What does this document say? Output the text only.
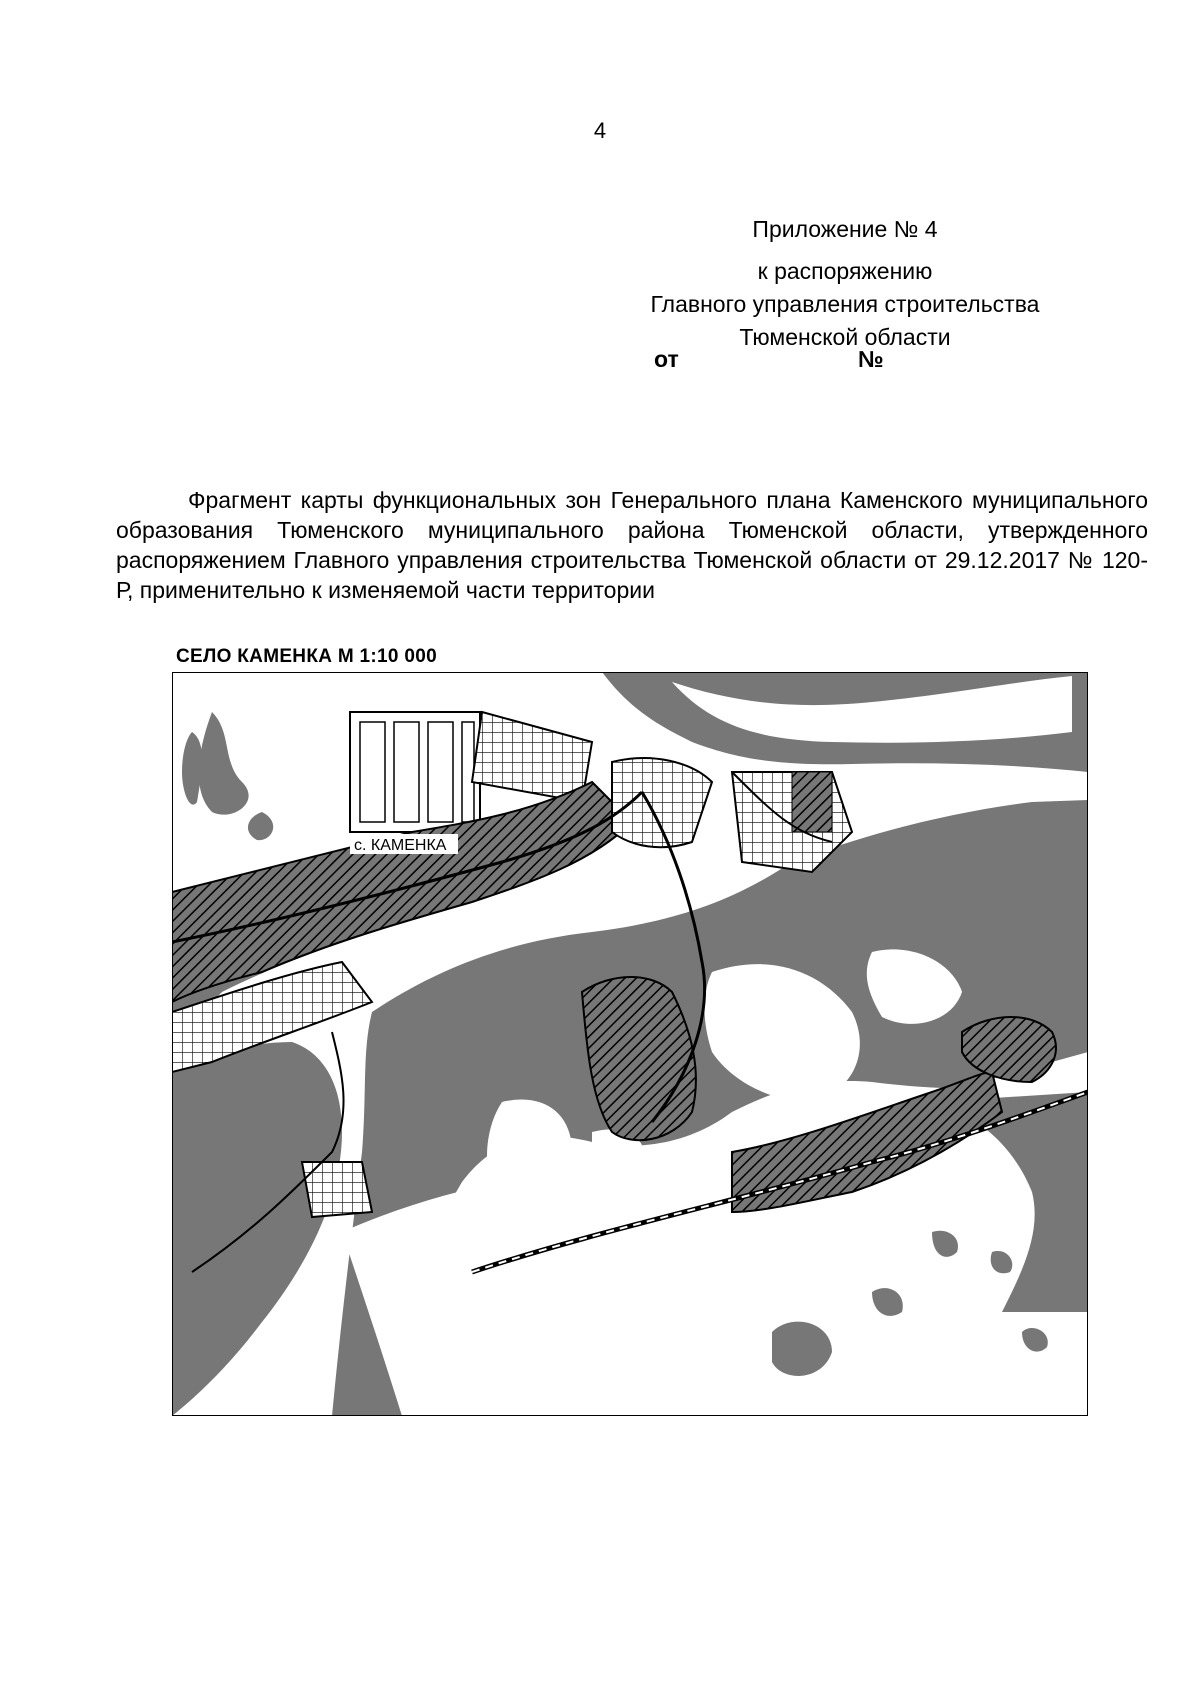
4
Приложение № 4
к распоряжению
Главного управления строительства
Тюменской области
от	№
Фрагмент карты функциональных зон Генерального плана Каменского муниципального образования Тюменского муниципального района Тюменской области, утвержденного распоряжением Главного управления строительства Тюменской области от 29.12.2017 № 120-Р, применительно к изменяемой части территории
СЕЛО КАМЕНКА М 1:10 000
с. КАМЕНКА
